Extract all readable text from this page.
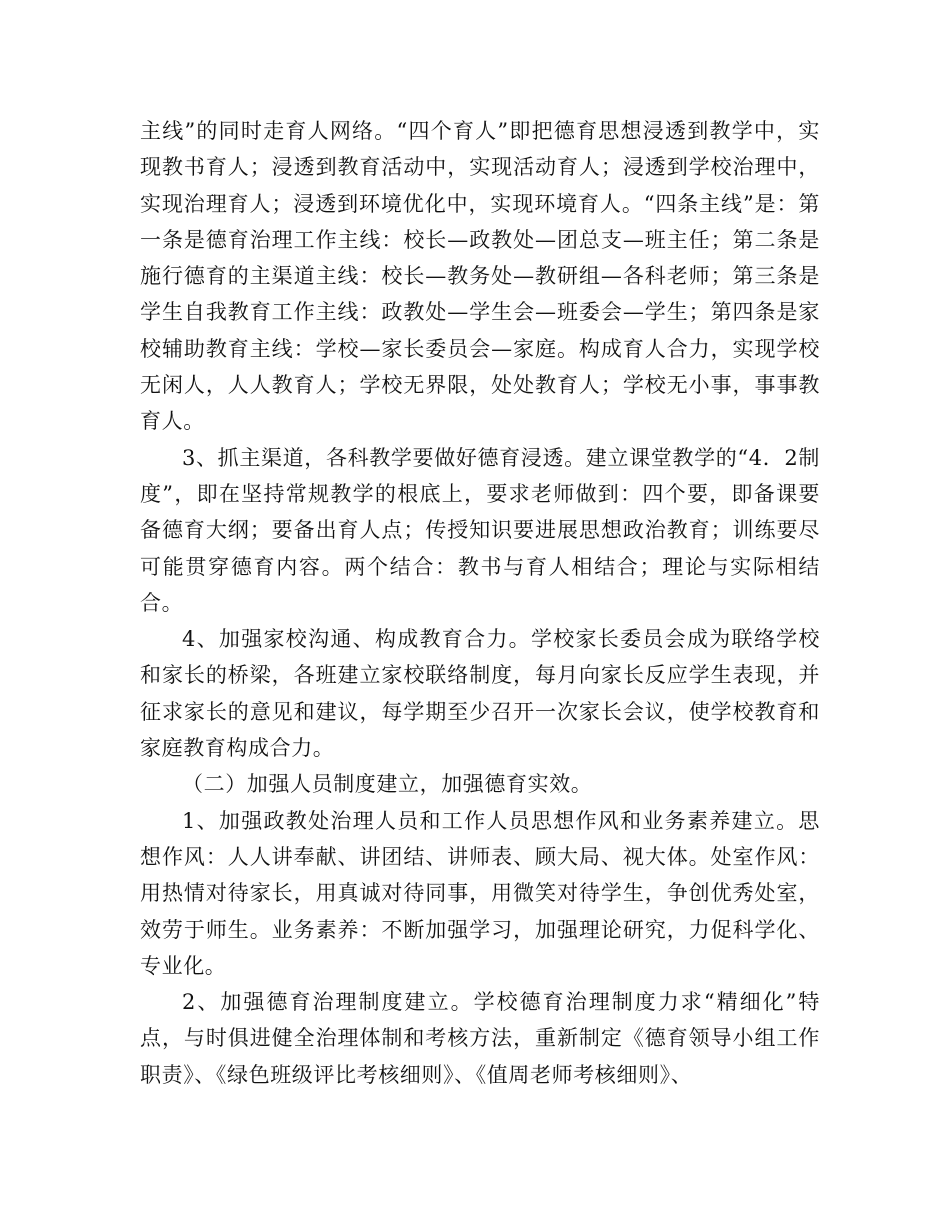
主线”的同时走育人网络。“四个育人”即把德育思想浸透到教学中，实现教书育人；浸透到教育活动中，实现活动育人；浸透到学校治理中，实现治理育人；浸透到环境优化中，实现环境育人。“四条主线”是：第一条是德育治理工作主线：校长—政教处—团总支—班主任；第二条是施行德育的主渠道主线：校长—教务处—教研组—各科老师；第三条是学生自我教育工作主线：政教处—学生会—班委会—学生；第四条是家校辅助教育主线：学校—家长委员会—家庭。构成育人合力，实现学校无闲人，人人教育人；学校无界限，处处教育人；学校无小事，事事教育人。

3、抓主渠道，各科教学要做好德育浸透。建立课堂教学的“4．2制度”，即在坚持常规教学的根底上，要求老师做到：四个要，即备课要备德育大纲；要备出育人点；传授知识要进展思想政治教育；训练要尽可能贯穿德育内容。两个结合：教书与育人相结合；理论与实际相结合。

4、加强家校沟通、构成教育合力。学校家长委员会成为联络学校和家长的桥梁，各班建立家校联络制度，每月向家长反应学生表现，并征求家长的意见和建议，每学期至少召开一次家长会议，使学校教育和家庭教育构成合力。

（二）加强人员制度建立，加强德育实效。

1、加强政教处治理人员和工作人员思想作风和业务素养建立。思想作风：人人讲奉献、讲团结、讲师表、顾大局、视大体。处室作风：用热情对待家长，用真诚对待同事，用微笑对待学生，争创优秀处室，效劳于师生。业务素养：不断加强学习，加强理论研究，力促科学化、专业化。

2、加强德育治理制度建立。学校德育治理制度力求“精细化”特点，与时俱进健全治理体制和考核方法，重新制定《德育领导小组工作职责》、《绿色班级评比考核细则》、《值周老师考核细则》、
